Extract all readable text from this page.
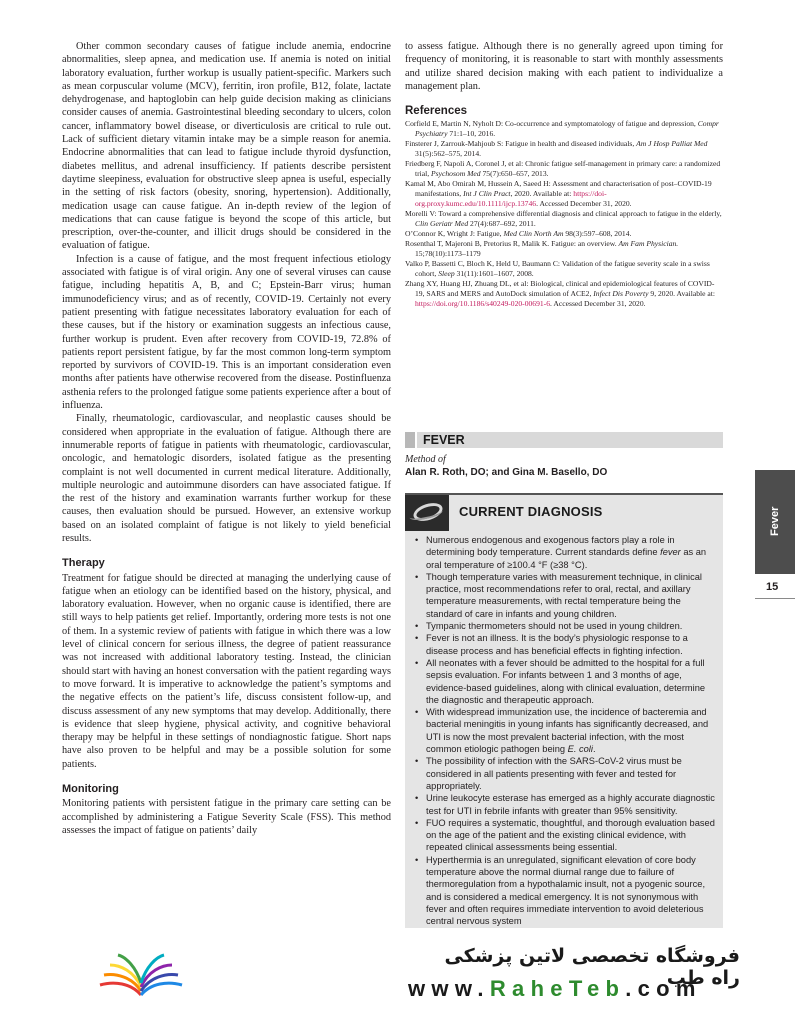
Other common secondary causes of fatigue include anemia, endocrine abnormalities, sleep apnea, and medication use. If anemia is noted on initial laboratory evaluation, further workup is usually patient-specific. Markers such as mean corpuscular volume (MCV), ferritin, iron profile, B12, folate, lactate dehydrogenase, and haptoglobin can help guide decision making as clinicians consider causes of anemia. Gastrointestinal bleeding secondary to ulcers, colon cancer, inflammatory bowel disease, or diverticulosis are critical to rule out. Lack of sufficient dietary vitamin intake may be a simple reason for anemia. Endocrine abnormalities that can lead to fatigue include thyroid dysfunction, diabetes mellitus, and adrenal insufficiency. If patients describe persistent daytime sleepiness, evaluation for obstructive sleep apnea is useful, especially in the setting of risk factors (obesity, snoring, hypertension). Additionally, medication usage can cause fatigue. An in-depth review of the legion of medications that can cause fatigue is beyond the scope of this article, but prescription, over-the-counter, and illicit drugs should be considered in the evaluation of fatigue.

Infection is a cause of fatigue, and the most frequent infectious etiology associated with fatigue is of viral origin. Any one of several viruses can cause fatigue, including hepatitis A, B, and C; Epstein-Barr virus; human immunodeficiency virus; and as of recently, COVID-19. Certainly not every patient presenting with fatigue necessitates laboratory evaluation for each of these causes, but if the history or examination suggests an infectious cause, further workup is prudent. Even after recovery from COVID-19, 72.8% of patients report persistent fatigue, by far the most common long-term symptom reported by survivors of COVID-19. This is an important consideration even months after patients have otherwise recovered from the disease. Postinfluenza asthenia refers to the prolonged fatigue some patients experience after a bout of influenza.

Finally, rheumatologic, cardiovascular, and neoplastic causes should be considered when appropriate in the evaluation of fatigue. Although there are innumerable reports of fatigue in patients with rheumatologic, cardiovascular, oncologic, and hematologic disorders, isolated fatigue as the presenting complaint is not well documented in current medical literature. Additionally, multiple neurologic and autoimmune disorders can have associated fatigue. If the rest of the history and examination warrants further workup for these causes, then evaluation should be pursued. However, an extensive workup based on an isolated complaint of fatigue is not likely to yield beneficial results.

Therapy

Treatment for fatigue should be directed at managing the underlying cause of fatigue when an etiology can be identified based on the history, physical, and laboratory evaluation. However, when no organic cause is identified, there are still ways to help patients get relief. Importantly, ordering more tests is not one of them. In a systemic review of patients with fatigue in which there was a low level of clinical concern for serious illness, the degree of patient reassurance was not increased with additional laboratory testing. Instead, the clinician should start with having an honest conversation with the patient regarding ways to move forward. It is imperative to acknowledge the patient’s symptoms and the negative effects on the patient’s life, discuss consistent follow-up, and discuss assessment of any new symptoms that may develop. Additionally, there is evidence that sleep hygiene, physical activity, and cognitive behavioral therapy may be helpful in these settings of nondiagnostic fatigue. Short naps have also proven to be helpful and may be a possible solution for some patients.

Monitoring

Monitoring patients with persistent fatigue in the primary care setting can be accomplished by administering a Fatigue Severity Scale (FSS). This method assesses the impact of fatigue on patients’ daily

to assess fatigue. Although there is no generally agreed upon timing for frequency of monitoring, it is reasonable to start with monthly assessments and utilize shared decision making with each patient to individualize a management plan.

References
Corfield E, Martin N, Nyholt D: Co-occurrence and symptomatology of fatigue and depression, Compr Psychiatry 71:1–10, 2016.
Finsterer J, Zarrouk-Mahjoub S: Fatigue in health and diseased individuals, Am J Hosp Palliat Med 31(5):562–575, 2014.
Friedberg F, Napoli A, Coronel J, et al: Chronic fatigue self-management in primary care: a randomized trial, Psychosom Med 75(7):650–657, 2013.
Kamal M, Abo Omirah M, Hussein A, Saeed H: Assessment and characterisation of post–COVID-19 manifestations, Int J Clin Pract, 2020. Available at: https://doi-org.proxy.kumc.edu/10.1111/ijcp.13746. Accessed December 31, 2020.
Morelli V: Toward a comprehensive differential diagnosis and clinical approach to fatigue in the elderly, Clin Geriatr Med 27(4):687–692, 2011.
O’Connor K, Wright J: Fatigue, Med Clin North Am 98(3):597–608, 2014.
Rosenthal T, Majeroni B, Pretorius R, Malik K. Fatigue: an overview. Am Fam Physician. 15;78(10):1173–1179
Valko P, Bassetti C, Bloch K, Held U, Baumann C: Validation of the fatigue severity scale in a swiss cohort, Sleep 31(11):1601–1607, 2008.
Zhang XY, Huang HJ, Zhuang DL, et al: Biological, clinical and epidemiological features of COVID-19, SARS and MERS and AutoDock simulation of ACE2, Infect Dis Poverty 9, 2020. Available at: https://doi.org/10.1186/s40249-020-00691-6. Accessed December 31, 2020.
FEVER
Method of
Alan R. Roth, DO; and Gina M. Basello, DO
CURRENT DIAGNOSIS
• Numerous endogenous and exogenous factors play a role in determining body temperature. Current standards define fever as an oral temperature of ≥100.4 °F (≥38 °C).
• Though temperature varies with measurement technique, in clinical practice, most recommendations refer to oral, rectal, and axillary temperature measurements, with rectal temperature being the standard of care in infants and young children.
• Tympanic thermometers should not be used in young children.
• Fever is not an illness. It is the body’s physiologic response to a disease process and has beneficial effects in fighting infection.
• All neonates with a fever should be admitted to the hospital for a full sepsis evaluation. For infants between 1 and 3 months of age, evidence-based guidelines, along with clinical evaluation, determine the diagnostic and therapeutic approach.
• With widespread immunization use, the incidence of bacteremia and bacterial meningitis in young infants has significantly decreased, and UTI is now the most prevalent bacterial infection, with the most common etiologic pathogen being E. coli.
• The possibility of infection with the SARS-CoV-2 virus must be considered in all patients presenting with fever and tested for appropriately.
• Urine leukocyte esterase has emerged as a highly accurate diagnostic test for UTI in febrile infants with greater than 95% sensitivity.
• FUO requires a systematic, thoughtful, and thorough evaluation based on the age of the patient and the existing clinical evidence, with repeated clinical assessments being essential.
• Hyperthermia is an unregulated, significant elevation of core body temperature above the normal diurnal range due to failure of thermoregulation from a hypothalamic insult, not a pyogenic source, and is considered a medical emergency. It is not synonymous with fever and often requires immediate intervention to avoid deleterious central nervous system
Fever
15
فروشگاه تخصصی لاتین پزشکی راه طب
www.RaheTeb.com
